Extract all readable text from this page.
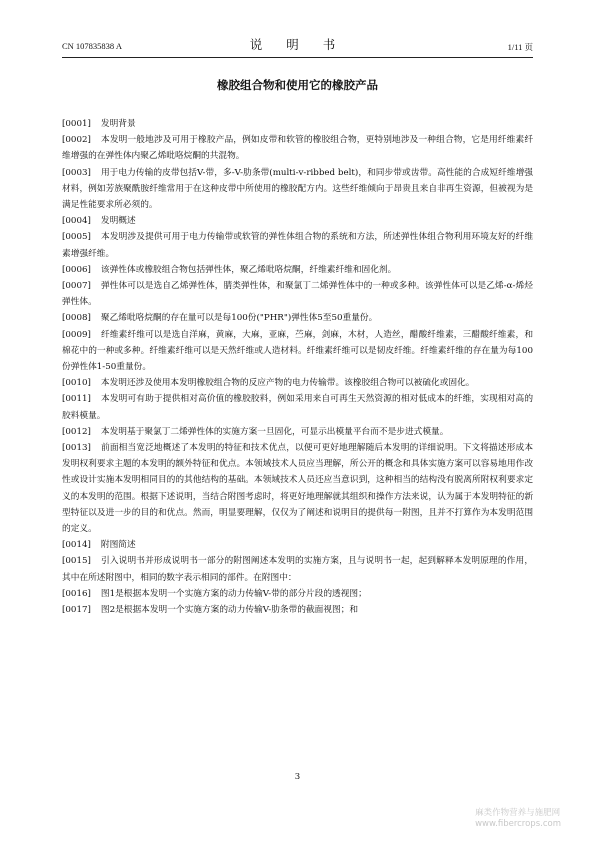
CN 107835838 A	说 明 书	1/11 页
橡胶组合物和使用它的橡胶产品

[0001] 发明背景

[0002] 本发明一般地涉及可用于橡胶产品，例如皮带和软管的橡胶组合物，更特别地涉及一种组合物，它是用纤维素纤维增强的在弹性体内聚乙烯吡咯烷酮的共混物。

[0003] 用于电力传输的皮带包括V-带，多-V-肋条带(multi-v-ribbed belt)，和同步带或齿带。高性能的合成短纤维增强材料，例如芳族聚酰胺纤维常用于在这种皮带中所使用的橡胶配方内。这些纤维倾向于昂贵且来自非再生资源，但被视为是满足性能要求所必须的。

[0004] 发明概述

[0005] 本发明涉及提供可用于电力传输带或软管的弹性体组合物的系统和方法，所述弹性体组合物利用环境友好的纤维素增强纤维。

[0006] 该弹性体或橡胶组合物包括弹性体，聚乙烯吡咯烷酮，纤维素纤维和固化剂。

[0007] 弹性体可以是选自乙烯弹性体，腈类弹性体，和聚氯丁二烯弹性体中的一种或多种。该弹性体可以是乙烯-α-烯烃弹性体。

[0008] 聚乙烯吡咯烷酮的存在量可以是每100份("PHR")弹性体5至50重量份。

[0009] 纤维素纤维可以是选自洋麻，黄麻，大麻，亚麻，苎麻，剑麻，木材，人造丝，醋酸纤维素，三醋酸纤维素，和棉花中的一种或多种。纤维素纤维可以是天然纤维或人造材料。纤维素纤维可以是韧皮纤维。纤维素纤维的存在量为每100份弹性体1-50重量份。

[0010] 本发明还涉及使用本发明橡胶组合物的反应产物的电力传输带。该橡胶组合物可以被硫化或固化。

[0011] 本发明可有助于提供相对高价值的橡胶胶料，例如采用来自可再生天然资源的相对低成本的纤维，实现相对高的胶料模量。

[0012] 本发明基于聚氯丁二烯弹性体的实施方案一旦固化，可显示出模量平台而不是步进式模量。

[0013] 前面相当宽泛地概述了本发明的特征和技术优点，以便可更好地理解随后本发明的详细说明。下文将描述形成本发明权利要求主题的本发明的额外特征和优点。本领域技术人员应当理解，所公开的概念和具体实施方案可以容易地用作改性或设计实施本发明相同目的的其他结构的基础。本领域技术人员还应当意识到，这种相当的结构没有脱离所附权利要求定义的本发明的范围。根据下述说明，当结合附图考虑时，将更好地理解就其组织和操作方法来说，认为属于本发明特征的新型特征以及进一步的目的和优点。然而，明显要理解，仅仅为了阐述和说明目的提供每一附图，且并不打算作为本发明范围的定义。

[0014] 附图简述

[0015] 引入说明书并形成说明书一部分的附图阐述本发明的实施方案，且与说明书一起，起到解释本发明原理的作用，其中在所述附图中，相同的数字表示相同的部件。在附图中：

[0016] 图1是根据本发明一个实施方案的动力传输V-带的部分片段的透视图；

[0017] 图2是根据本发明一个实施方案的动力传输V-肋条带的截面视图；和

3
麻类作物营养与施肥网
www.fibercrops.com
